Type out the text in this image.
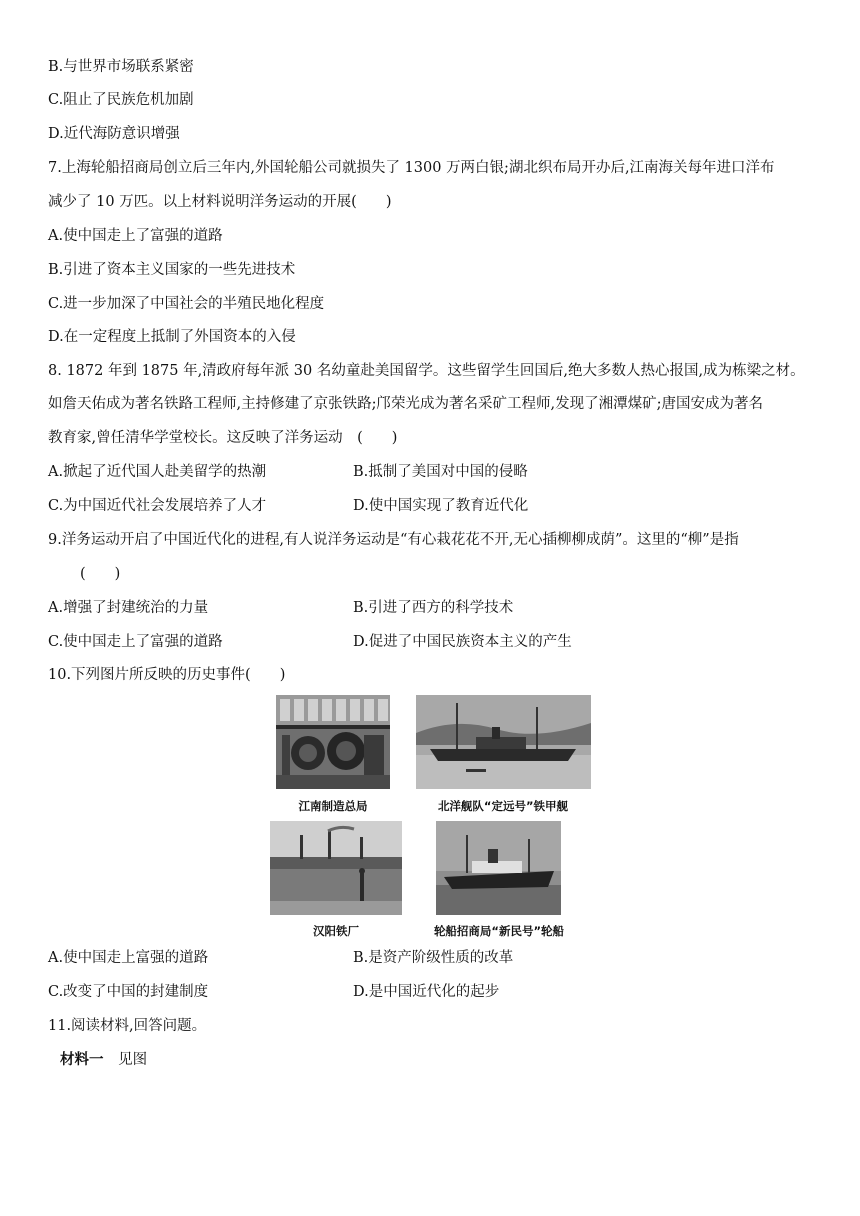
B.与世界市场联系紧密
C.阻止了民族危机加剧
D.近代海防意识增强
7.上海轮船招商局创立后三年内,外国轮船公司就损失了 1300 万两白银;湖北织布局开办后,江南海关每年进口洋布
减少了 10 万匹。以上材料说明洋务运动的开展(　　)
A.使中国走上了富强的道路
B.引进了资本主义国家的一些先进技术
C.进一步加深了中国社会的半殖民地化程度
D.在一定程度上抵制了外国资本的入侵
8. 1872 年到 1875 年,清政府每年派 30 名幼童赴美国留学。这些留学生回国后,绝大多数人热心报国,成为栋梁之材。
如詹天佑成为著名铁路工程师,主持修建了京张铁路;邝荣光成为著名采矿工程师,发现了湘潭煤矿;唐国安成为著名
教育家,曾任清华学堂校长。这反映了洋务运动　(　　)
A.掀起了近代国人赴美留学的热潮	B.抵制了美国对中国的侵略
C.为中国近代社会发展培养了人才	D.使中国实现了教育近代化
9.洋务运动开启了中国近代化的进程,有人说洋务运动是“有心栽花花不开,无心插柳柳成荫”。这里的“柳”是指
(　　)
A.增强了封建统治的力量	B.引进了西方的科学技术
C.使中国走上了富强的道路	D.促进了中国民族资本主义的产生
10.下列图片所反映的历史事件(　　)
江南制造总局	北洋舰队“定远号”铁甲舰
汉阳铁厂	轮船招商局“新民号”轮船
A.使中国走上富强的道路	B.是资产阶级性质的改革
C.改变了中国的封建制度	D.是中国近代化的起步
11.阅读材料,回答问题。
材料一 见图
